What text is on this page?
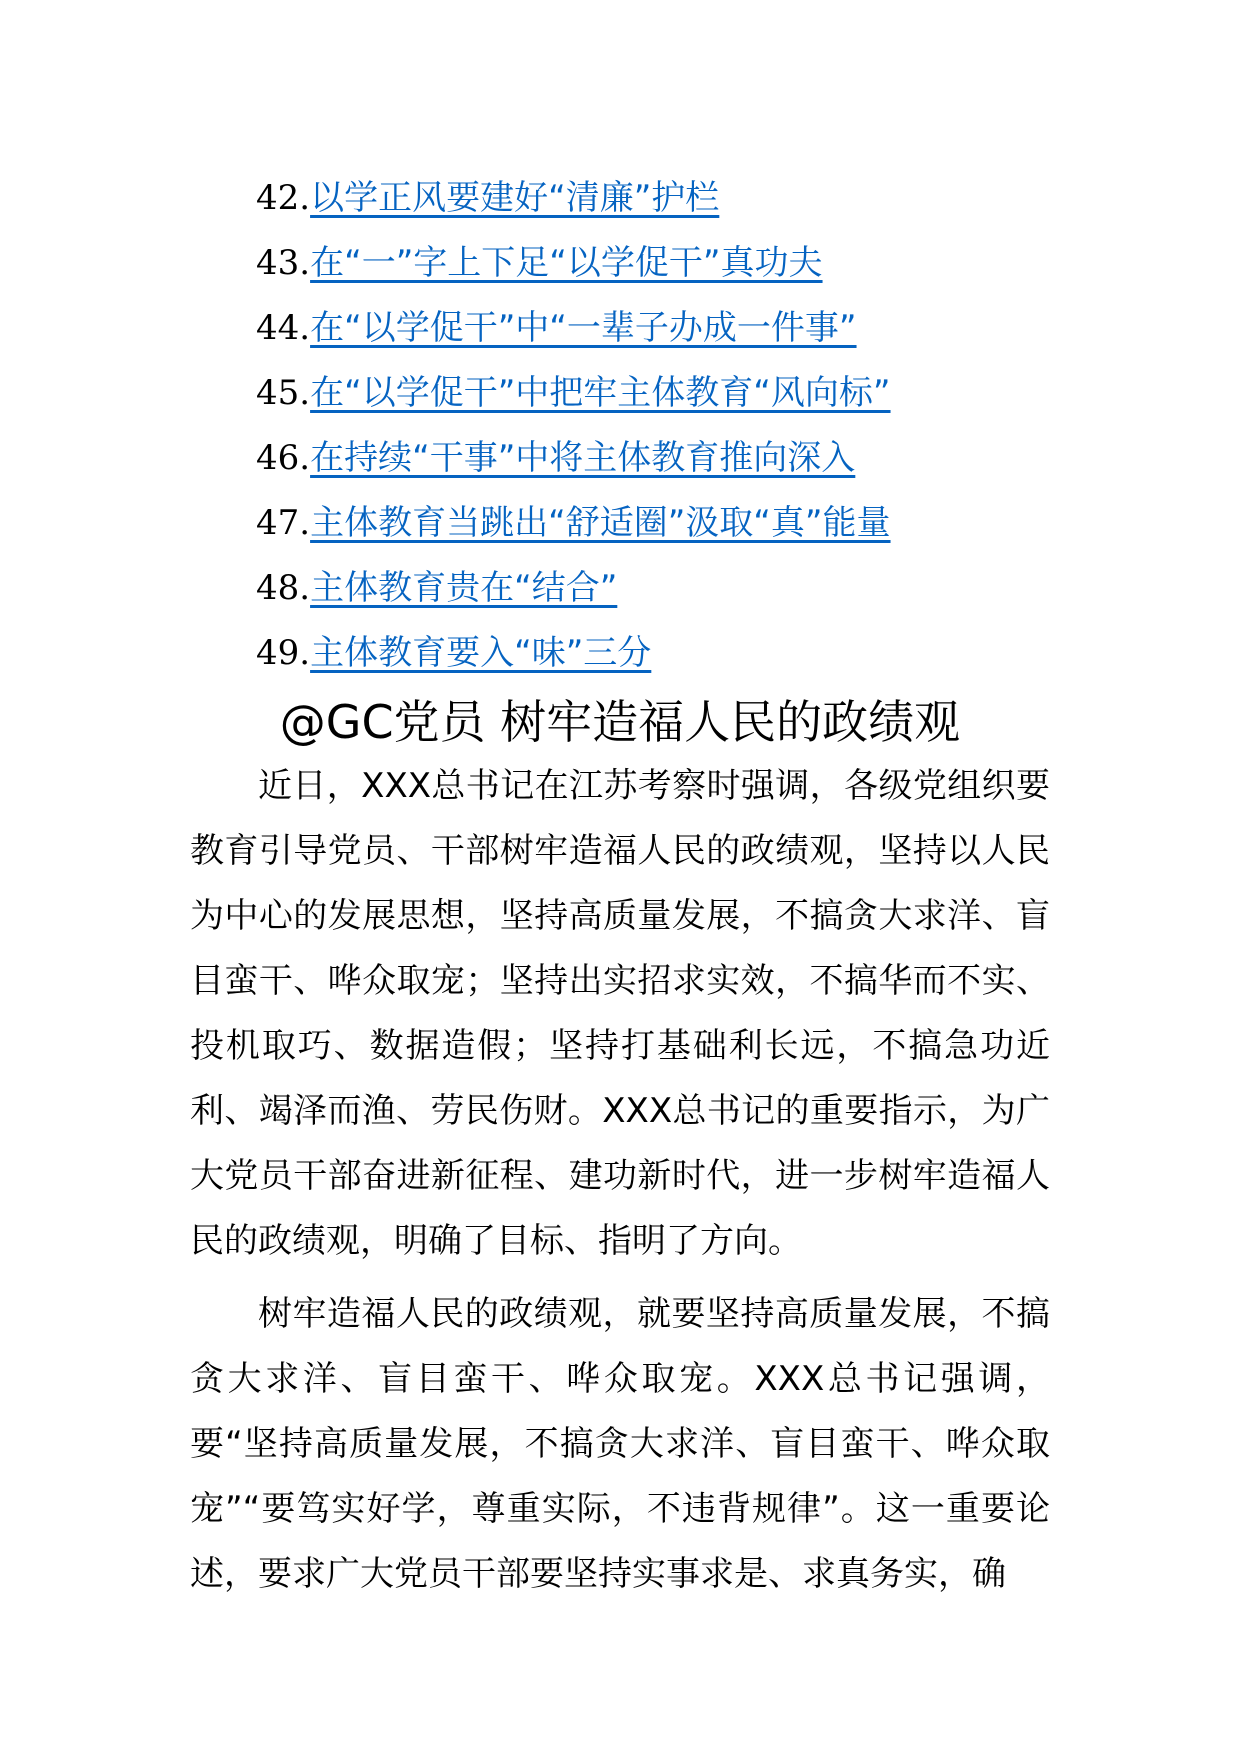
42.以学正风要建好“清廉”护栏
43.在“一”字上下足“以学促干”真功夫
44.在“以学促干”中“一辈子办成一件事”
45.在“以学促干”中把牢主体教育“风向标”
46.在持续“干事”中将主体教育推向深入
47.主体教育当跳出“舒适圈”汲取“真”能量
48.主体教育贵在“结合”
49.主体教育要入“味”三分
@GC党员 树牢造福人民的政绩观

近日，XXX总书记在江苏考察时强调，各级党组织要教育引导党员、干部树牢造福人民的政绩观，坚持以人民为中心的发展思想，坚持高质量发展，不搞贪大求洋、盲目蛮干、哗众取宠；坚持出实招求实效，不搞华而不实、投机取巧、数据造假；坚持打基础利长远，不搞急功近利、竭泽而渔、劳民伤财。XXX总书记的重要指示，为广大党员干部奋进新征程、建功新时代，进一步树牢造福人民的政绩观，明确了目标、指明了方向。

树牢造福人民的政绩观，就要坚持高质量发展，不搞贪大求洋、盲目蛮干、哗众取宠。XXX总书记强调，要“坚持高质量发展，不搞贪大求洋、盲目蛮干、哗众取宠”“要笃实好学，尊重实际，不违背规律”。这一重要论述，要求广大党员干部要坚持实事求是、求真务实，确
